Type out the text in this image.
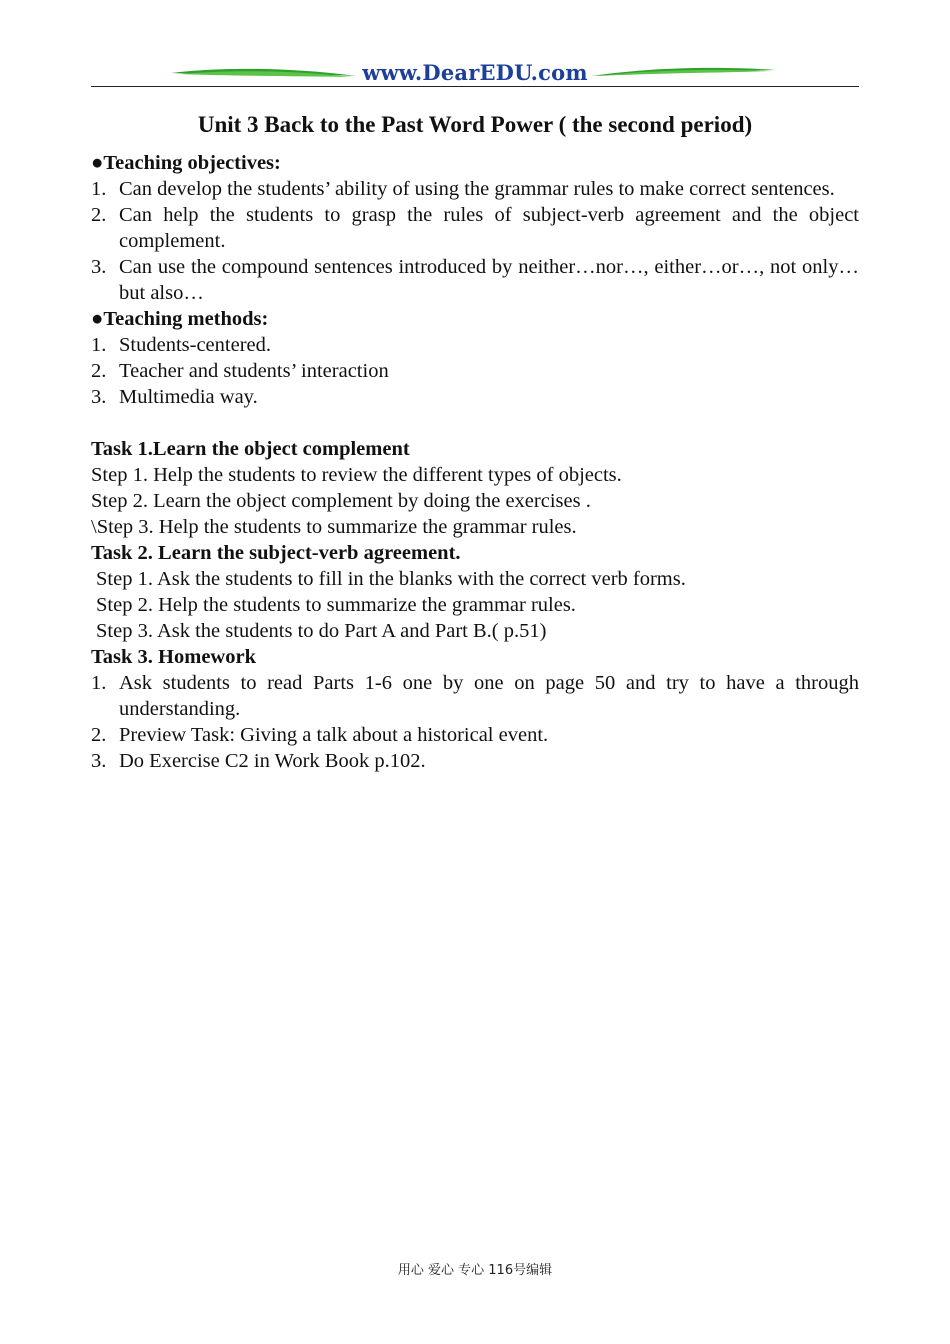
www.DearEDU.com
Unit 3 Back to the Past Word Power ( the second period)
●Teaching objectives:
1. Can develop the students’ ability of using the grammar rules to make correct sentences.
2. Can help the students to grasp the rules of subject-verb agreement and the object complement.
3. Can use the compound sentences introduced by neither…nor…, either…or…, not only…but also…
●Teaching methods:
1. Students-centered.
2. Teacher and students’ interaction
3. Multimedia way.
Task 1.Learn the object complement

Step 1. Help the students to review the different types of objects.

Step 2. Learn the object complement by doing the exercises .

\Step 3. Help the students to summarize the grammar rules.

Task 2. Learn the subject-verb agreement.

Step 1. Ask the students to fill in the blanks with the correct verb forms.

Step 2. Help the students to summarize the grammar rules.

Step 3. Ask the students to do Part A and Part B.( p.51)

Task 3. Homework
1. Ask students to read Parts 1-6 one by one on page 50 and try to have a through understanding.
2. Preview Task: Giving a talk about a historical event.
3. Do Exercise C2 in Work Book p.102.
用心 爱心 专心 116号编辑
